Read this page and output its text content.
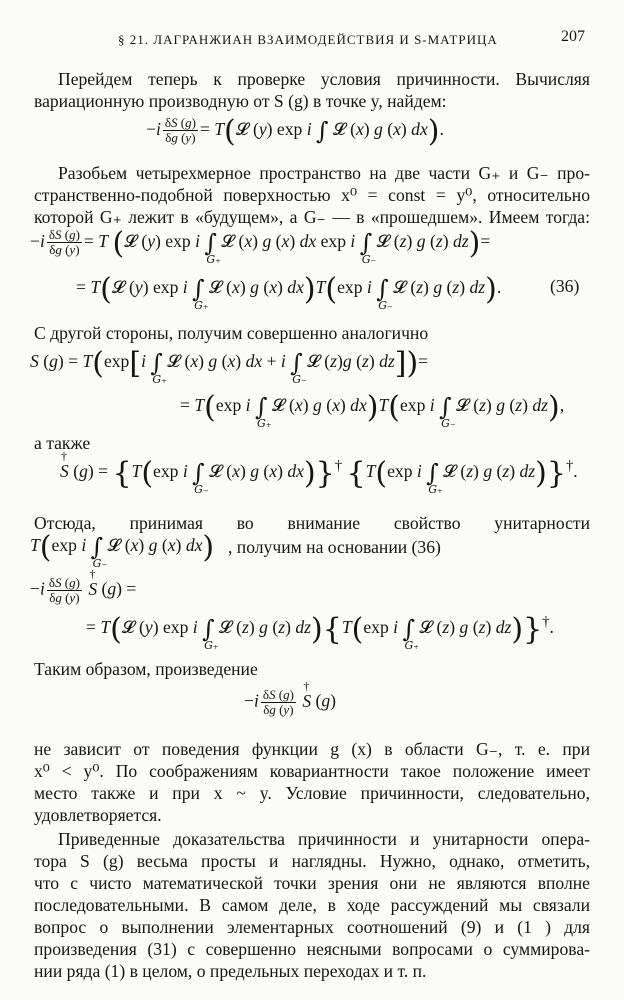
§ 21. ЛАГРАНЖИАН ВЗАИМОДЕЙСТВИЯ И S-МАТРИЦА	207
Перейдем теперь к проверке условия причинности. Вычисляя
вариационную производную от S (g) в точке y, найдем:
$-i \frac{\delta S (g)}{\delta g (y)}$ = T(𝓛 (y) exp i ∫ 𝓛 (x) g (x) dx).
Разобьем четырехмерное пространство на две части G₊ и G₋ про-
странственно-подобной поверхностью x⁰ = const = y⁰, относительно
которой G₊ лежит в «будущем», а G₋ — в «прошедшем». Имеем тогда:
$-i \frac{\delta S (g)}{\delta g (y)} = T$ (𝓛 (y) exp i ∫
G₊
𝓛 (x) g (x) dx exp i ∫
G₋
𝓛 (z) g (z) dz)=
= T(𝓛 (y) exp i ∫
G₊
𝓛 (x) g (x) dx)T(exp i ∫
G₋
𝓛 (z) g (z) dz).	(36)
С другой стороны, получим совершенно аналогично
S (g) = T(exp[i ∫
G₊
𝓛 (x) g (x) dx + i ∫
G₋
𝓛 (z)g (z) dz])=
= T(exp i ∫
G₊
𝓛 (x) g (x) dx)T(exp i ∫
G₋
𝓛 (z) g (z) dz),
а также
† S (g) = {T(exp i ∫
G₋
𝓛 (x) g (x) dx)}† {T(exp i ∫
G₊
𝓛 (z) g (z) dz)}†.
Отсюда, принимая во внимание свойство унитарности
T(exp i ∫
G₋
𝓛 (x) g (x) dx) , получим на основании (36)
$-i \frac{\delta S (g)}{\delta g (y)}$ † S (g) =
= T(𝓛 (y) exp i ∫
G₊
𝓛 (z) g (z) dz){T(exp i ∫
G₊
𝓛 (z) g (z) dz)}†.
Таким образом, произведение
$-i \frac{\delta S (g)}{\delta g (y)}$ † S (g)
не зависит от поведения функции g (x) в области G₋, т. е. при
x⁰ < y⁰. По соображениям ковариантности такое положение имеет
место также и при x ~ y. Условие причинности, следовательно,
удовлетворяется.
Приведенные доказательства причинности и унитарности опера-
тора S (g) весьма просты и наглядны. Нужно, однако, отметить,
что с чисто математической точки зрения они не являются вполне
последовательными. В самом деле, в ходе рассуждений мы связали
вопрос о выполнении элементарных соотношений (9) и (1 ) для
произведения (31) с совершенно неясными вопросами о суммирова-
нии ряда (1) в целом, о предельных переходах и т. п.
